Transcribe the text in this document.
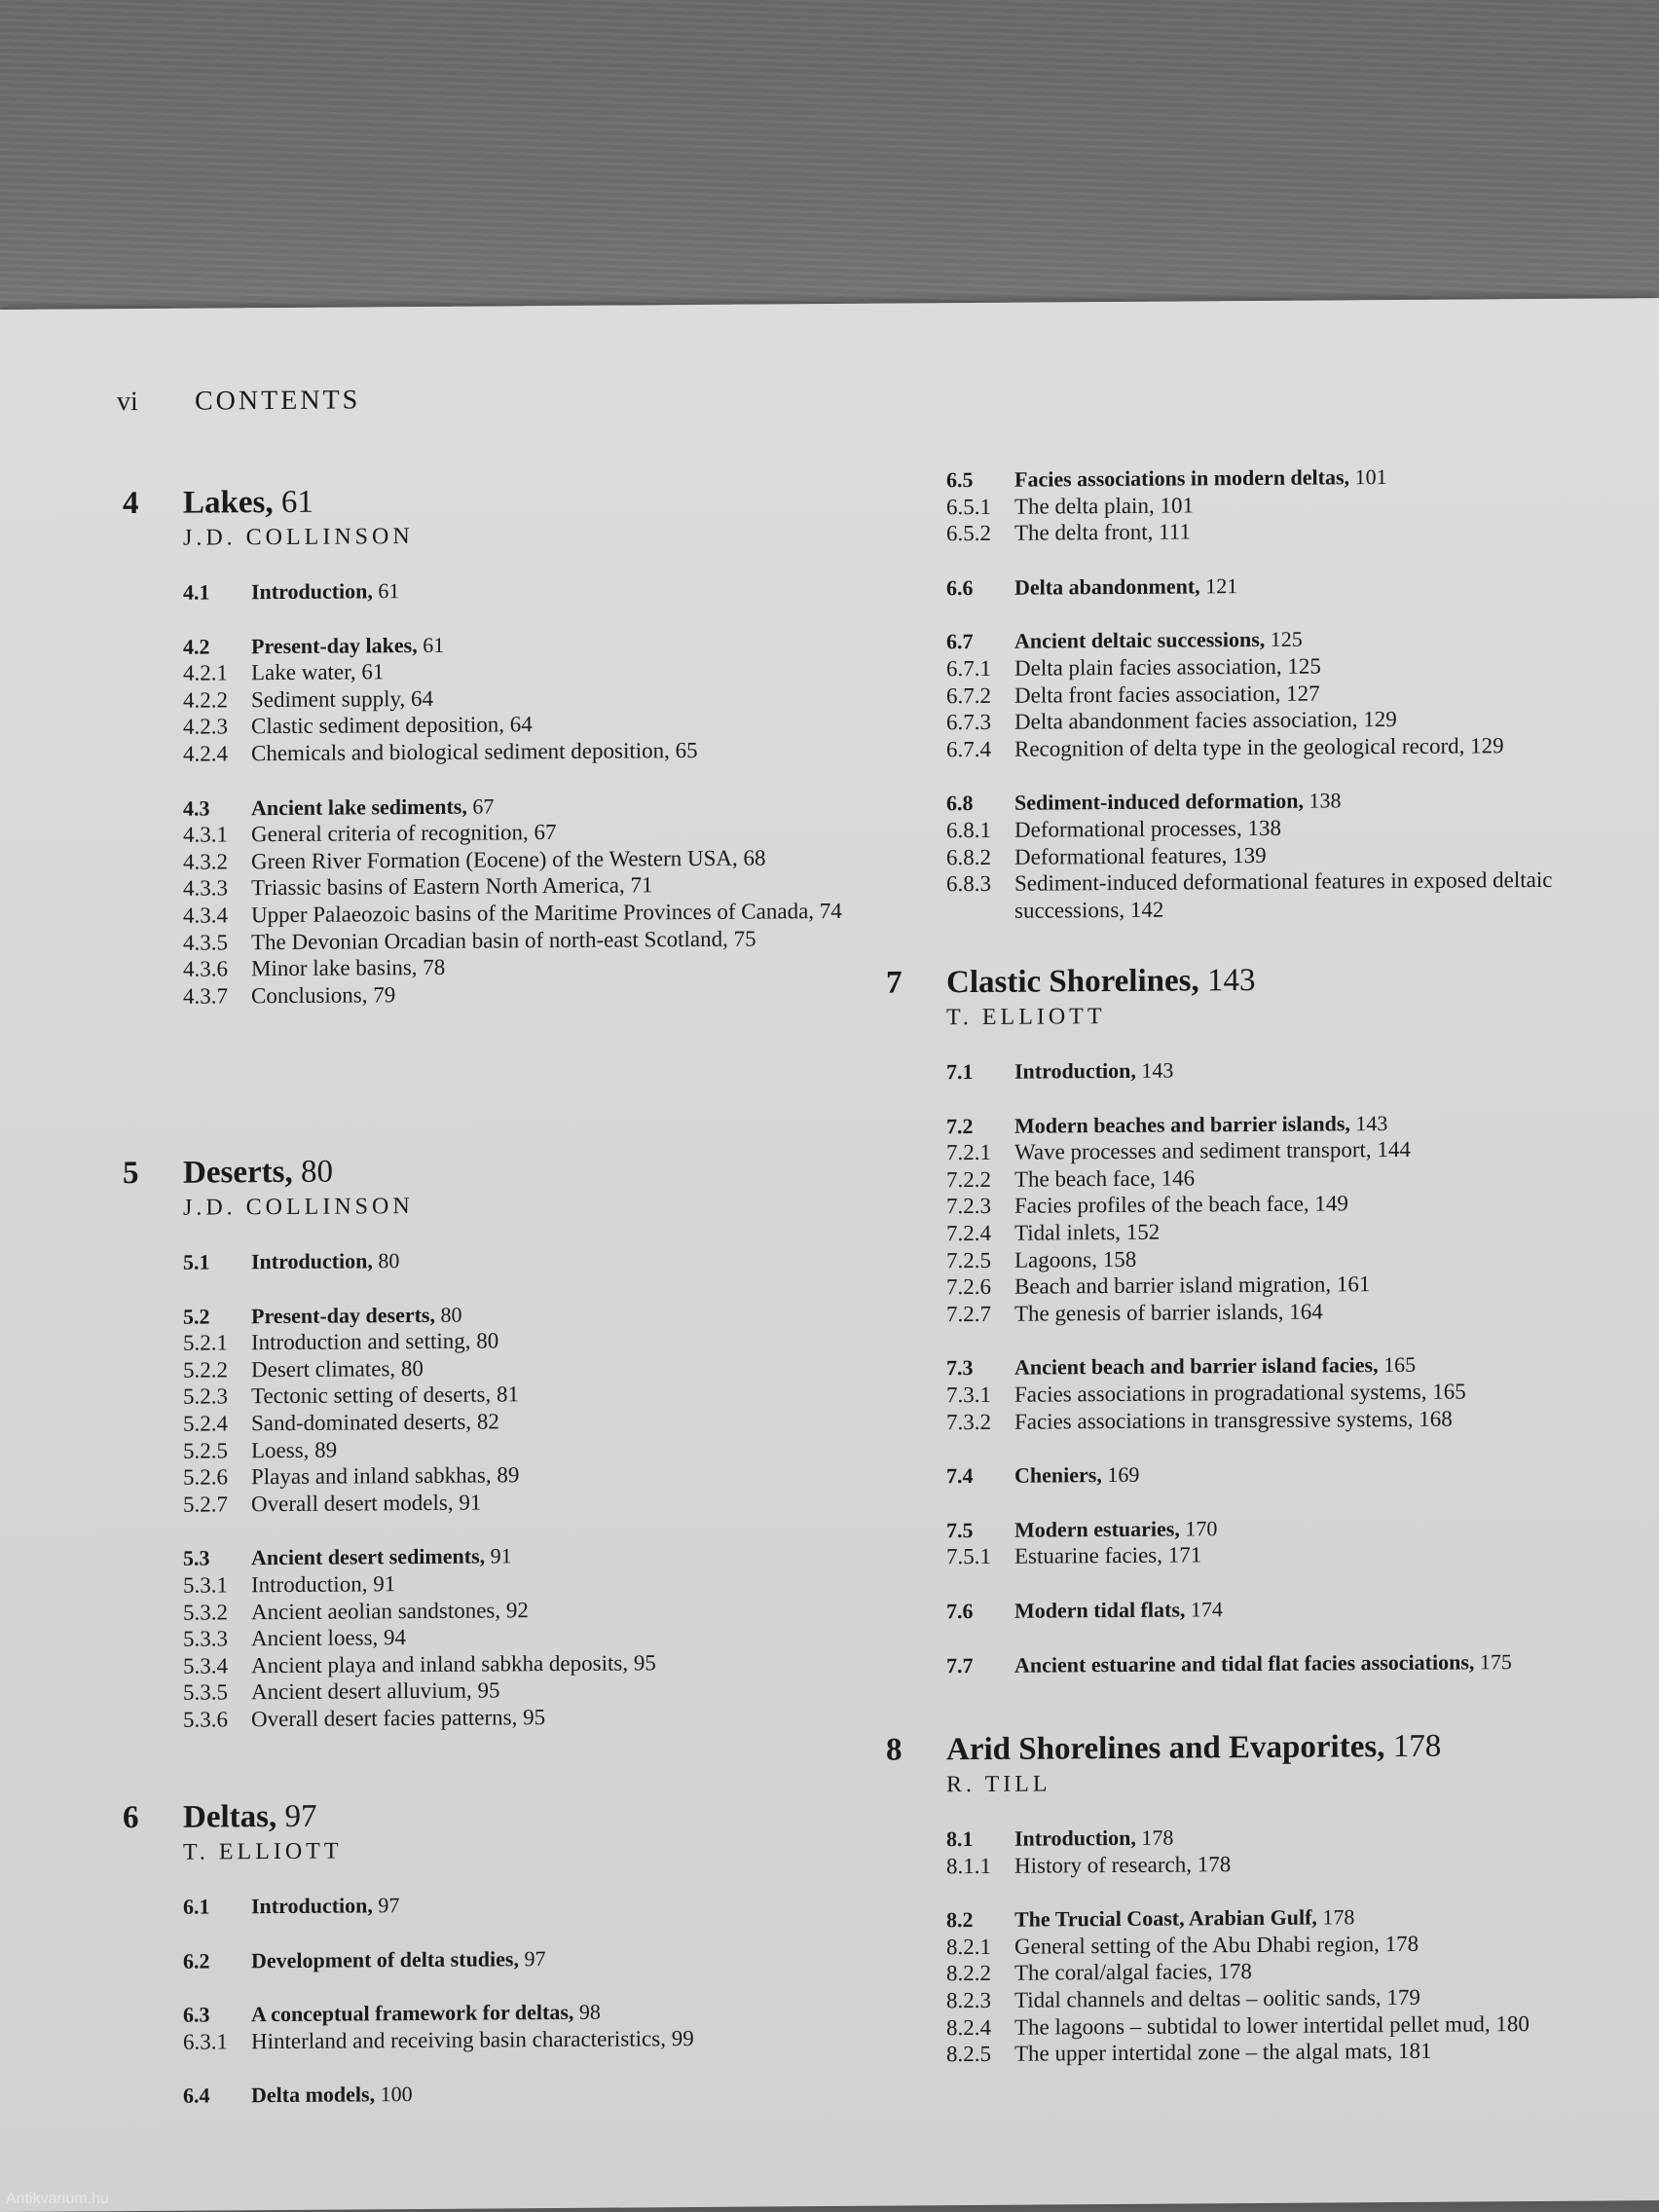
vi CONTENTS
4	Lakes, 61
J.D. COLLINSON
4.1	Introduction, 61
4.2	Present-day lakes, 61
4.2.1	Lake water, 61
4.2.2	Sediment supply, 64
4.2.3	Clastic sediment deposition, 64
4.2.4	Chemicals and biological sediment deposition, 65
4.3	Ancient lake sediments, 67
4.3.1	General criteria of recognition, 67
4.3.2	Green River Formation (Eocene) of the Western USA, 68
4.3.3	Triassic basins of Eastern North America, 71
4.3.4	Upper Palaeozoic basins of the Maritime Provinces of Canada, 74
4.3.5	The Devonian Orcadian basin of north-east Scotland, 75
4.3.6	Minor lake basins, 78
4.3.7	Conclusions, 79
5	Deserts, 80
J.D. COLLINSON
5.1	Introduction, 80
5.2	Present-day deserts, 80
5.2.1	Introduction and setting, 80
5.2.2	Desert climates, 80
5.2.3	Tectonic setting of deserts, 81
5.2.4	Sand-dominated deserts, 82
5.2.5	Loess, 89
5.2.6	Playas and inland sabkhas, 89
5.2.7	Overall desert models, 91
5.3	Ancient desert sediments, 91
5.3.1	Introduction, 91
5.3.2	Ancient aeolian sandstones, 92
5.3.3	Ancient loess, 94
5.3.4	Ancient playa and inland sabkha deposits, 95
5.3.5	Ancient desert alluvium, 95
5.3.6	Overall desert facies patterns, 95
6	Deltas, 97
T. ELLIOTT
6.1	Introduction, 97
6.2	Development of delta studies, 97
6.3	A conceptual framework for deltas, 98
6.3.1	Hinterland and receiving basin characteristics, 99
6.4	Delta models, 100
6.5	Facies associations in modern deltas, 101
6.5.1	The delta plain, 101
6.5.2	The delta front, 111
6.6	Delta abandonment, 121
6.7	Ancient deltaic successions, 125
6.7.1	Delta plain facies association, 125
6.7.2	Delta front facies association, 127
6.7.3	Delta abandonment facies association, 129
6.7.4	Recognition of delta type in the geological record, 129
6.8	Sediment-induced deformation, 138
6.8.1	Deformational processes, 138
6.8.2	Deformational features, 139
6.8.3	Sediment-induced deformational features in exposed deltaic successions, 142
7	Clastic Shorelines, 143
T. ELLIOTT
7.1	Introduction, 143
7.2	Modern beaches and barrier islands, 143
7.2.1	Wave processes and sediment transport, 144
7.2.2	The beach face, 146
7.2.3	Facies profiles of the beach face, 149
7.2.4	Tidal inlets, 152
7.2.5	Lagoons, 158
7.2.6	Beach and barrier island migration, 161
7.2.7	The genesis of barrier islands, 164
7.3	Ancient beach and barrier island facies, 165
7.3.1	Facies associations in progradational systems, 165
7.3.2	Facies associations in transgressive systems, 168
7.4	Cheniers, 169
7.5	Modern estuaries, 170
7.5.1	Estuarine facies, 171
7.6	Modern tidal flats, 174
7.7	Ancient estuarine and tidal flat facies associations, 175
8	Arid Shorelines and Evaporites, 178
R. TILL
8.1	Introduction, 178
8.1.1	History of research, 178
8.2	The Trucial Coast, Arabian Gulf, 178
8.2.1	General setting of the Abu Dhabi region, 178
8.2.2	The coral/algal facies, 178
8.2.3	Tidal channels and deltas – oolitic sands, 179
8.2.4	The lagoons – subtidal to lower intertidal pellet mud, 180
8.2.5	The upper intertidal zone – the algal mats, 181
Antikvarium.hu
